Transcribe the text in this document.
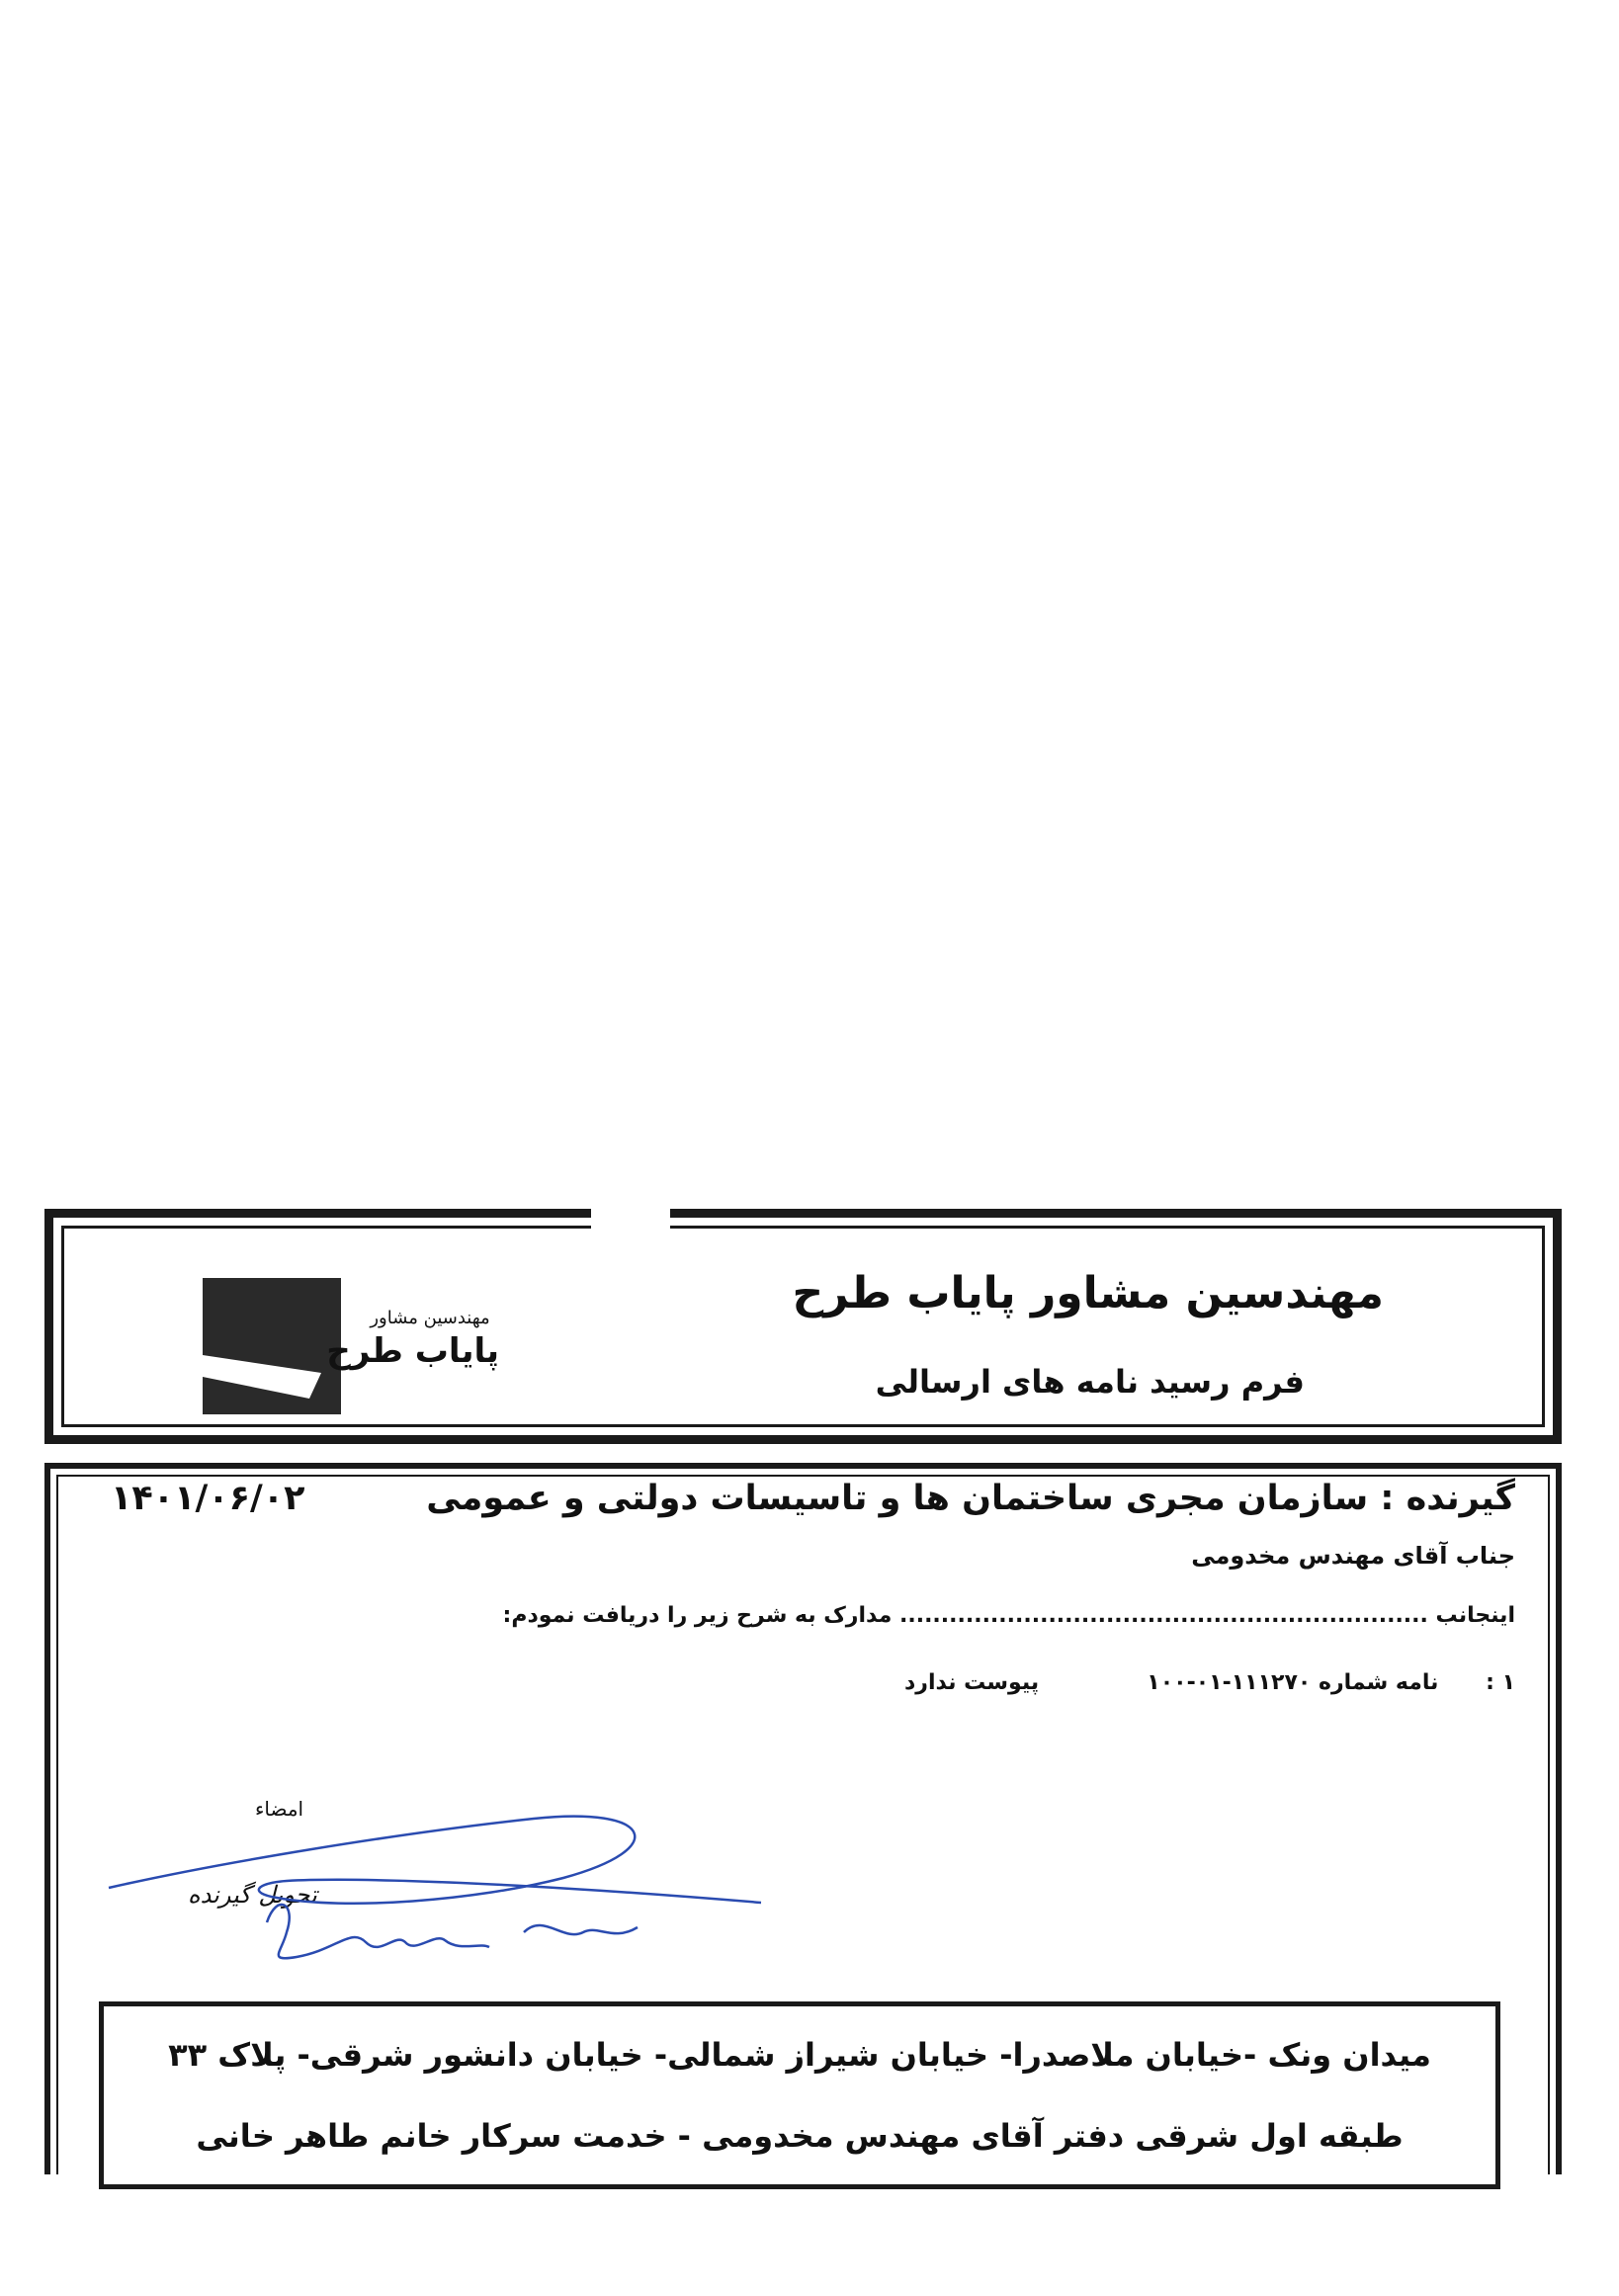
مهندسین مشاور پایاب طرح
فرم رسید نامه های ارسالی
مهندسین مشاور
پایاب طرح
گیرنده : سازمان مجری ساختمان ها و تاسیسات دولتی و عمومی
۱۴۰۱/۰۶/۰۲
جناب آقای مهندس مخدومی
اینجانب ................................................................ مدارک به شرح زیر را دریافت نمودم:
۱ : نامه شماره ۱۱۱۲۷۰-۰۱-۱۰۰
پیوست ندارد
امضاء
تحویل گیرنده
میدان ونک -خیابان ملاصدرا- خیابان شیراز شمالی- خیابان دانشور شرقی- پلاک ۳۳
طبقه اول شرقی دفتر آقای مهندس مخدومی - خدمت سرکار خانم طاهر خانی
